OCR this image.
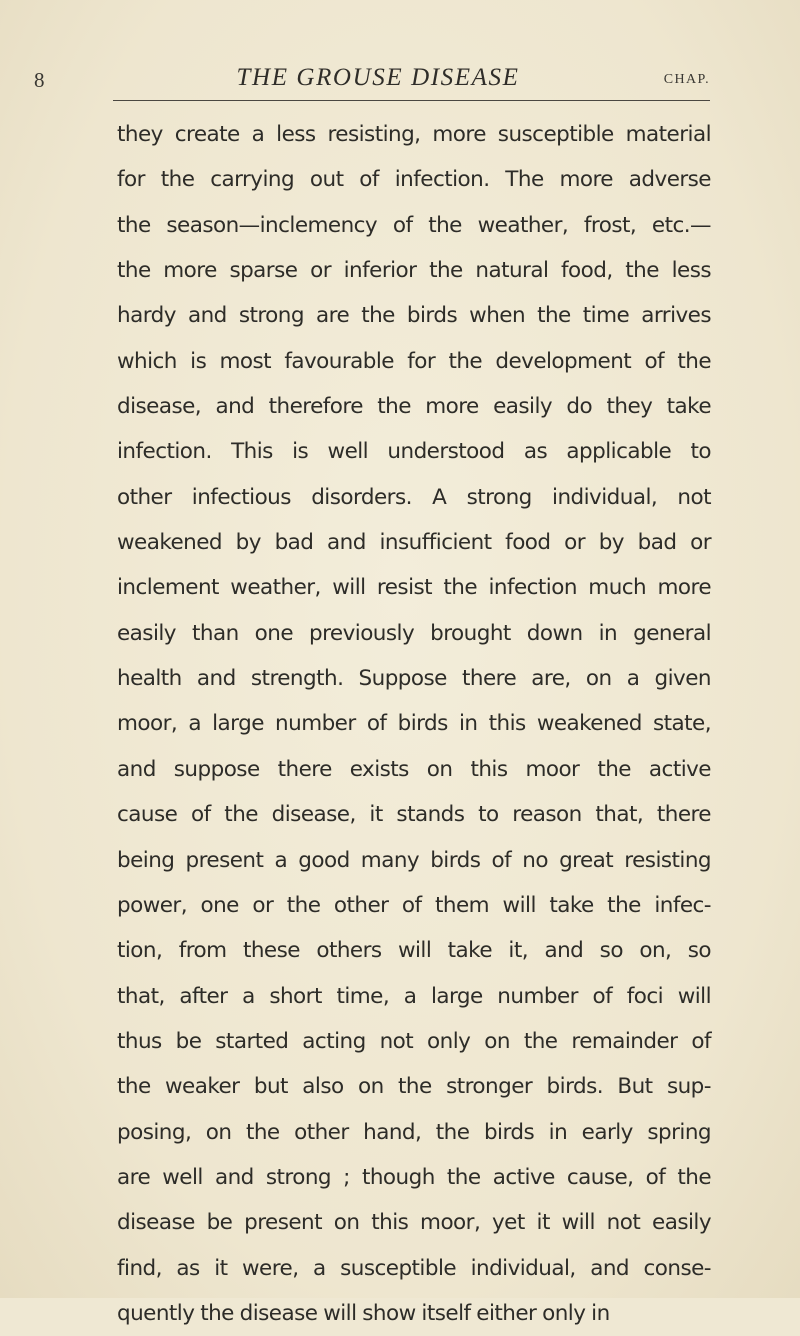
8	THE GROUSE DISEASE	CHAP.
they create a less resisting, more susceptible material
for the carrying out of infection. The more adverse
the season—inclemency of the weather, frost, etc.—
the more sparse or inferior the natural food, the less
hardy and strong are the birds when the time arrives
which is most favourable for the development of the
disease, and therefore the more easily do they take
infection. This is well understood as applicable to
other infectious disorders. A strong individual, not
weakened by bad and insufficient food or by bad or
inclement weather, will resist the infection much more
easily than one previously brought down in general
health and strength. Suppose there are, on a given
moor, a large number of birds in this weakened state,
and suppose there exists on this moor the active
cause of the disease, it stands to reason that, there
being present a good many birds of no great resisting
power, one or the other of them will take the infec-
tion, from these others will take it, and so on, so
that, after a short time, a large number of foci will
thus be started acting not only on the remainder of
the weaker but also on the stronger birds. But sup-
posing, on the other hand, the birds in early spring
are well and strong ; though the active cause, of the
disease be present on this moor, yet it will not easily
find, as it were, a susceptible individual, and conse-
quently the disease will show itself either only in
